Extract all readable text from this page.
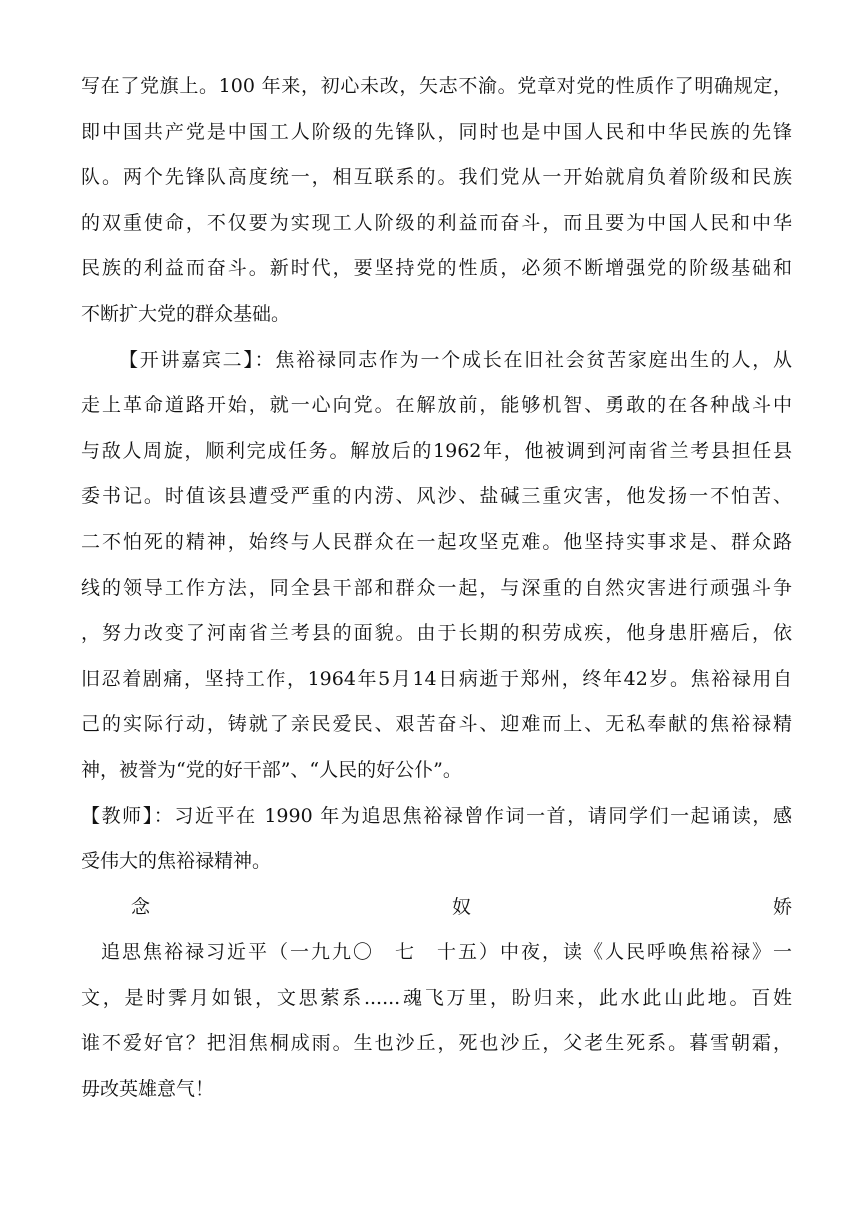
写在了党旗上。100 年来，初心未改，矢志不渝。党章对党的性质作了明确规定，
即中国共产党是中国工人阶级的先锋队，同时也是中国人民和中华民族的先锋
队。两个先锋队高度统一，相互联系的。我们党从一开始就肩负着阶级和民族
的双重使命，不仅要为实现工人阶级的利益而奋斗，而且要为中国人民和中华
民族的利益而奋斗。新时代，要坚持党的性质，必须不断增强党的阶级基础和
不断扩大党的群众基础。
【开讲嘉宾二】：焦裕禄同志作为一个成长在旧社会贫苦家庭出生的人，从
走上革命道路开始，就一心向党。在解放前，能够机智、勇敢的在各种战斗中
与敌人周旋，顺利完成任务。解放后的1962年，他被调到河南省兰考县担任县
委书记。时值该县遭受严重的内涝、风沙、盐碱三重灾害，他发扬一不怕苦、
二不怕死的精神，始终与人民群众在一起攻坚克难。他坚持实事求是、群众路
线的领导工作方法，同全县干部和群众一起，与深重的自然灾害进行顽强斗争
，努力改变了河南省兰考县的面貌。由于长期的积劳成疾，他身患肝癌后，依
旧忍着剧痛，坚持工作，1964年5月14日病逝于郑州，终年42岁。焦裕禄用自
己的实际行动，铸就了亲民爱民、艰苦奋斗、迎难而上、无私奉献的焦裕禄精
神，被誉为“党的好干部”、“人民的好公仆”。
【教师】：习近平在 1990 年为追思焦裕禄曾作词一首，请同学们一起诵读，感
受伟大的焦裕禄精神。
念	奴	娇
追思焦裕禄习近平（一九九〇　七　十五）中夜，读《人民呼唤焦裕禄》一
文，是时霁月如银，文思萦系......魂飞万里，盼归来，此水此山此地。百姓
谁不爱好官？把泪焦桐成雨。生也沙丘，死也沙丘，父老生死系。暮雪朝霜，
毋改英雄意气！
